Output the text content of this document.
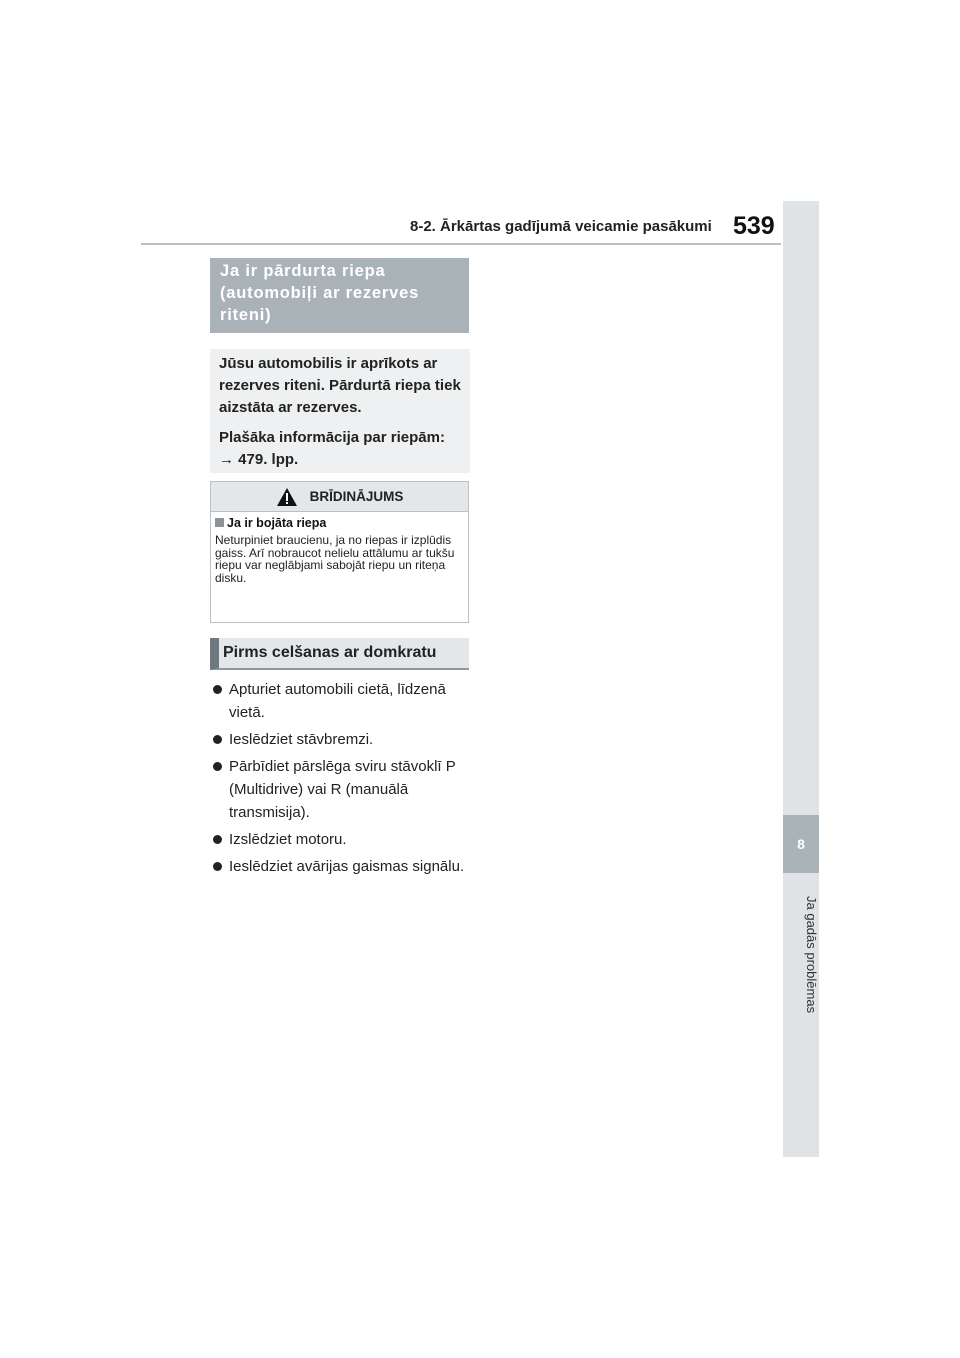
8-2. Ārkārtas gadījumā veicamie pasākumi 539
8
Ja gadās problēmas
Ja ir pārdurta riepa (automobiļi ar rezerves riteni)

Jūsu automobilis ir aprīkots ar rezerves riteni. Pārdurtā riepa tiek aizstāta ar rezerves.

Plašāka informācija par riepām: → 479. lpp.

BRĪDINĀJUMS
Ja ir bojāta riepa
Neturpiniet braucienu, ja no riepas ir izplūdis gaiss. Arī nobraucot nelielu attālumu ar tukšu riepu var neglābjami sabojāt riepu un riteņa disku.
Pirms celšanas ar domkratu
Apturiet automobili cietā, līdzenā vietā.
Ieslēdziet stāvbremzi.
Pārbīdiet pārslēga sviru stāvoklī P (Multidrive) vai R (manuālā transmisija).
Izslēdziet motoru.
Ieslēdziet avārijas gaismas signālu.
